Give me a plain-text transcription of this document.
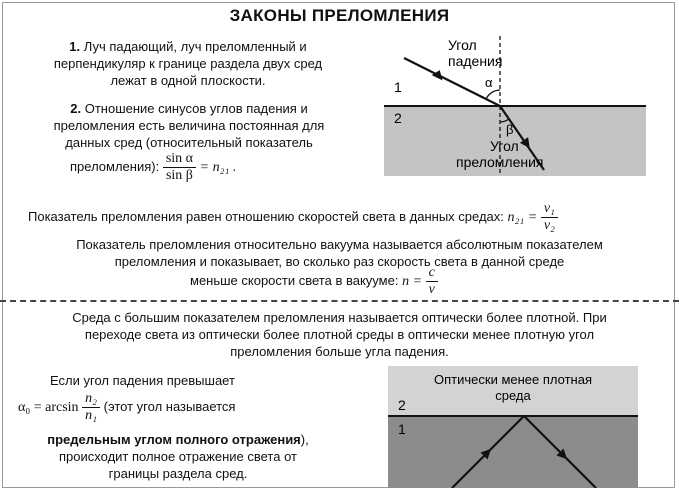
ЗАКОНЫ ПРЕЛОМЛЕНИЯ
1. Луч падающий, луч преломленный и
перпендикуляр к границе раздела двух сред
лежат в одной плоскости.
2. Отношение синусов углов падения и
преломления есть величина постоянная для
данных сред (относительный показатель
преломления): $\frac{\text{sin α}}{\text{sin β}} = n_{21}$ .
Угол
падения
α
β
1
2
Угол
преломления
Показатель преломления равен отношению скоростей света в данных средах: $n_{21} = \frac{\text{v₁}}{\text{v₂}}$
Показатель преломления относительно вакуума называется абсолютным показателем
преломления и показывает, во сколько раз скорость света в данной среде
меньше скорости света в вакууме: $n = \frac{c}{v}$
Среда с большим показателем преломления называется оптически более плотной. При
переходе света из оптически более плотной среды в оптически менее плотную угол
преломления больше угла падения.
Если угол падения превышает
$\alpha_0 = \arcsin \frac{\text{n₂}}{\text{n₁}}$ (этот угол называется
предельным углом полного отражения),
происходит полное отражение света от
границы раздела сред.
Оптически менее плотная
среда
2
1
